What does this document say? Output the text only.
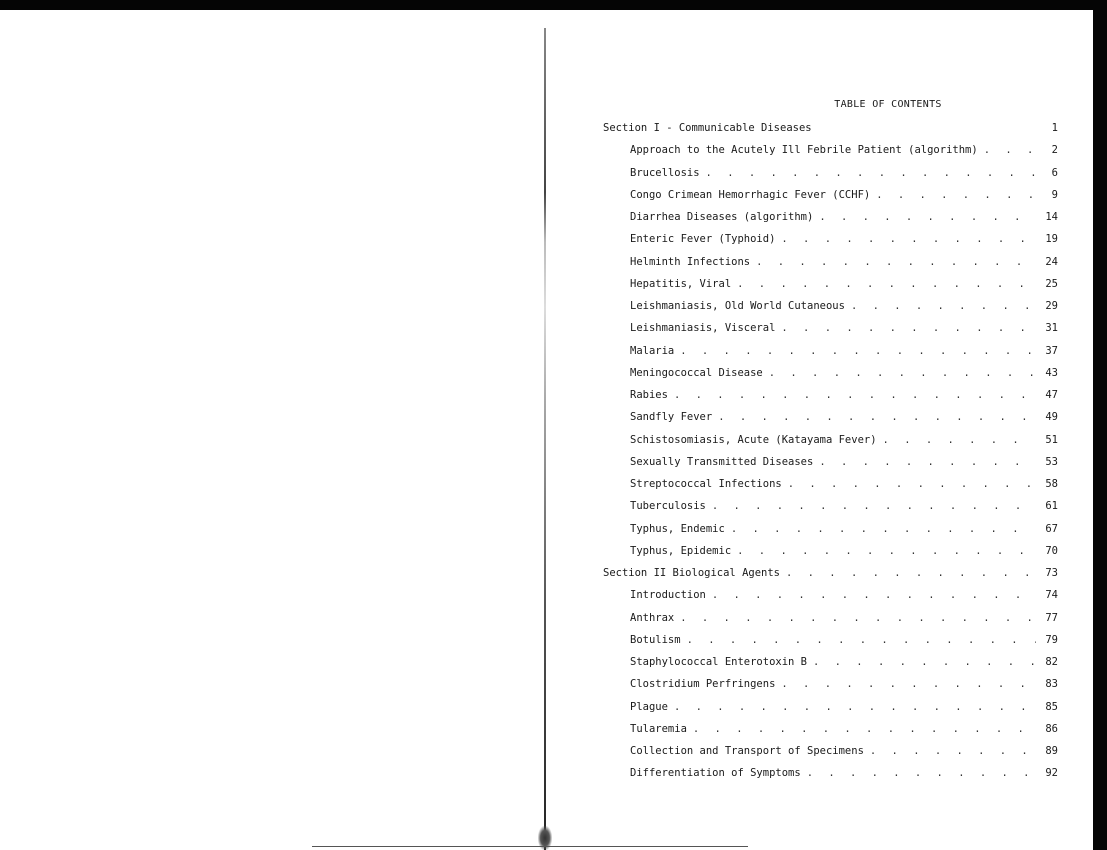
TABLE OF CONTENTS
Section I - Communicable Diseases	1
Approach to the Acutely Ill Febrile Patient (algorithm) . . .	2
Brucellosis . . .	6
Congo Crimean Hemorrhagic Fever (CCHF) . . .	9
Diarrhea Diseases (algorithm) . . .	14
Enteric Fever (Typhoid) . . .	19
Helminth Infections . . .	24
Hepatitis, Viral . . .	25
Leishmaniasis, Old World Cutaneous . . .	29
Leishmaniasis, Visceral . . .	31
Malaria . . .	37
Meningococcal Disease . . .	43
Rabies . . .	47
Sandfly Fever . . .	49
Schistosomiasis, Acute (Katayama Fever) . . .	51
Sexually Transmitted Diseases . . .	53
Streptococcal Infections . . .	58
Tuberculosis . . .	61
Typhus, Endemic . . .	67
Typhus, Epidemic . . .	70
Section II Biological Agents . . .	73
Introduction . . .	74
Anthrax . . .	77
Botulism . . .	79
Staphylococcal Enterotoxin B . . .	82
Clostridium Perfringens . . .	83
Plague . . .	85
Tularemia . . .	86
Collection and Transport of Specimens . . .	89
Differentiation of Symptoms . . .	92
